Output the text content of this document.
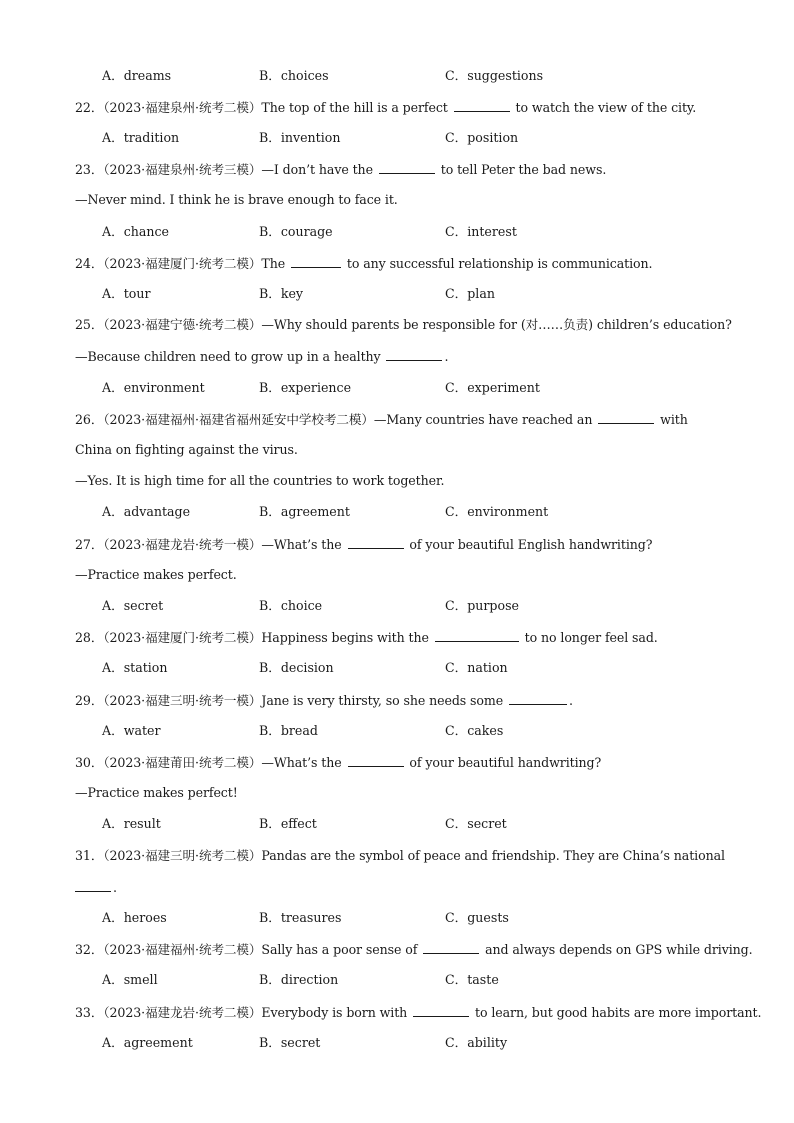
A．dreams	B．choices	C．suggestions
22．（2023·福建泉州·统考二模）The top of the hill is a perfect	to watch the view of the city.
A．tradition	B．invention	C．position
23．（2023·福建泉州·统考三模）—I don’t have the	to tell Peter the bad news.
—Never mind. I think he is brave enough to face it.
A．chance	B．courage	C．interest
24．（2023·福建厦门·统考二模）The	to any successful relationship is communication.
A．tour	B．key	C．plan
25．（2023·福建宁德·统考二模）—Why should parents be responsible for (对……负责) children’s education?
—Because children need to grow up in a healthy	.
A．environment	B．experience	C．experiment
26．（2023·福建福州·福建省福州延安中学校考二模）—Many countries have reached an	with
China on fighting against the virus.
—Yes. It is high time for all the countries to work together.
A．advantage	B．agreement	C．environment
27．（2023·福建龙岩·统考一模）—What’s the	of your beautiful English handwriting?
—Practice makes perfect.
A．secret	B．choice	C．purpose
28．（2023·福建厦门·统考二模）Happiness begins with the	to no longer feel sad.
A．station	B．decision	C．nation
29．（2023·福建三明·统考一模）Jane is very thirsty, so she needs some	.
A．water	B．bread	C．cakes
30．（2023·福建莆田·统考二模）—What’s the	of your beautiful handwriting?
—Practice makes perfect!
A．result	B．effect	C．secret
31．（2023·福建三明·统考二模）Pandas are the symbol of peace and friendship. They are China’s national
.
A．heroes	B．treasures	C．guests
32．（2023·福建福州·统考二模）Sally has a poor sense of	and always depends on GPS while driving.
A．smell	B．direction	C．taste
33．（2023·福建龙岩·统考二模）Everybody is born with	to learn, but good habits are more important.
A．agreement	B．secret	C．ability
